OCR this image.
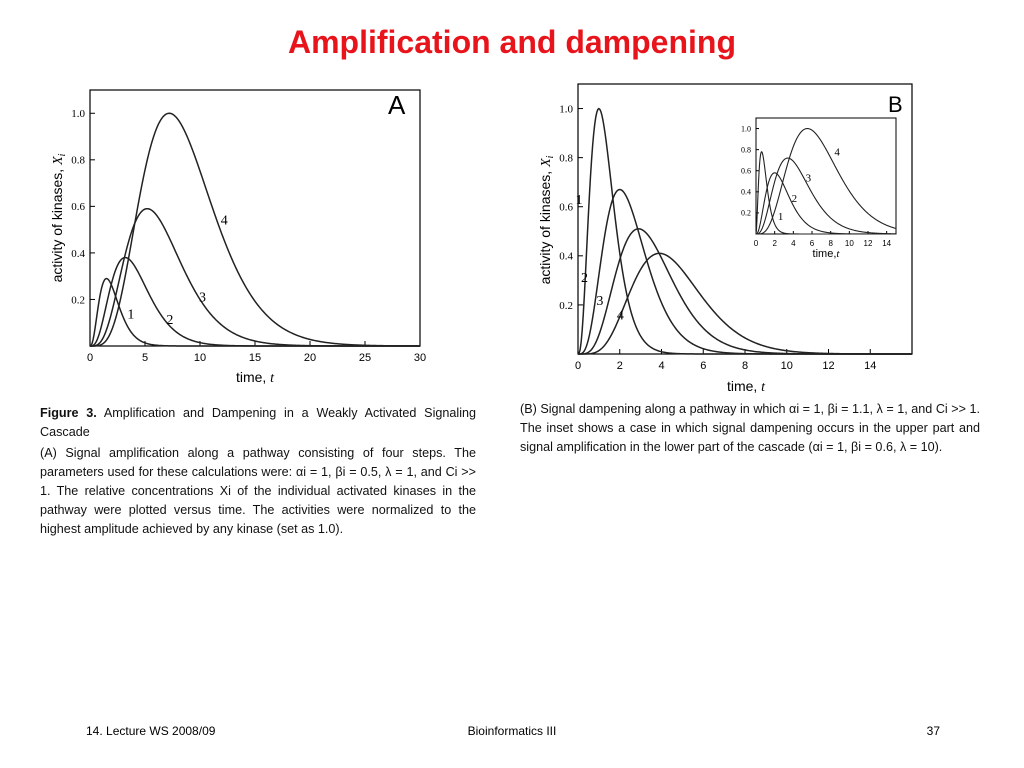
Amplification and dampening
0	5	10	15	20	25	30
0.2
0.4
0.6
0.8
1.0
1 2
3
4
A
time, t
activity of kinases, $X_i$
0	2	4	6	8	10	12	14
0.2
0.4
0.6
0.8
1.0
1
2
3
4
B
0 2 4 6 8 10 12 14
0.2
0.4
0.6
0.8
1.0
1
2
3
4
time,t
time, t
activity of kinases, $X_i$

Figure 3. Amplification and Dampening in a Weakly Activated Signaling Cascade

(A) Signal amplification along a pathway consisting of four steps. The parameters used for these calculations were: αi = 1, βi = 0.5, λ = 1, and Ci >> 1. The relative concentrations Xi of the individual activated kinases in the pathway were plotted versus time. The activities were normalized to the highest amplitude achieved by any kinase (set as 1.0).

(B) Signal dampening along a pathway in which αi = 1, βi = 1.1, λ = 1, and Ci >> 1. The inset shows a case in which signal dampening occurs in the upper part and signal amplification in the lower part of the cascade (αi = 1, βi = 0.6, λ = 10).

14. Lecture WS 2008/09	Bioinformatics III	37
